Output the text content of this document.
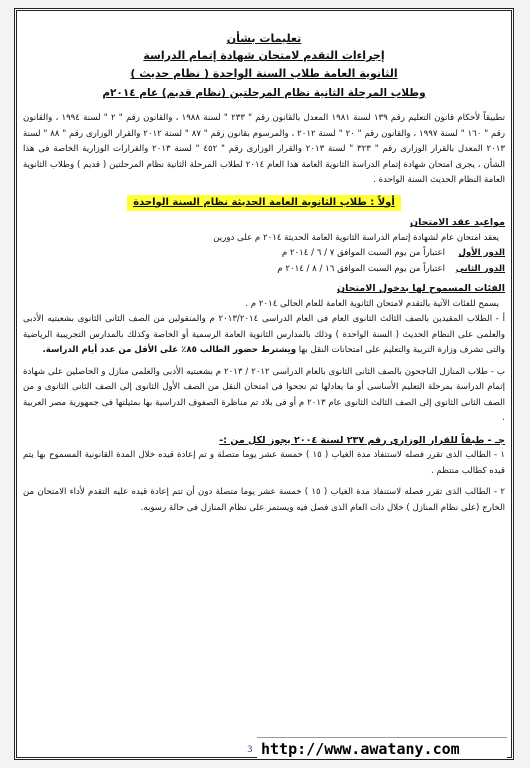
تعليمات بشأن
إجراءات التقدم لامتحان شهادة إتمام الدراسة
الثانوية العامة طلاب السنة الواحدة ( نظام حديث )
وطلاب المرحلة الثانية نظام المرحلتين (نظام قديم) عام ٢٠١٤م

تطبيقاً لأحكام قانون التعليم رقم ١٣٩ لسنة ١٩٨١ المعدل بالقانون رقم " ٢٣٣ " لسنة ١٩٨٨ ، والقانون رقم " ٢ " لسنة ١٩٩٤ ، والقانون رقم " ١٦٠ " لسنة ١٩٩٧ ، والقانون رقم " ٢٠ " لسنة ٢٠١٢ ، والمرسوم بقانون رقم " ٨٧ " لسنة ٢٠١٢ والقرار الوزارى رقم " ٨٨ " لسنة ٢٠١٣ المعدل بالقرار الوزارى رقم " ٣٢٣ " لسنة ٢٠١٣ والقرار الوزارى رقم " ٤٥٢ " لسنة ٢٠١٣ والقرارات الوزارية الخاصة فى هذا الشأن ، يجرى امتحان شهادة إتمام الدراسة الثانوية العامة هذا العام ٢٠١٤ لطلاب المرحلة الثانية نظام المرحلتين ( قديم ) وطلاب الثانوية العامة النظام الحديث السنة الواحدة .

أولاً : طلاب الثانوية العامة الحديثة نظام السنة الواحدة
مواعيد عقد الامتحان

يعقد امتحان عام لشهادة إتمام الدراسة الثانوية العامة الحديثة ٢٠١٤ م على دورين

الدور الأول
اعتباراً من يوم السبت الموافق ٧ / ٦ / ٢٠١٤ م
الدور الثانى
اعتباراً من يوم السبت الموافق ١٦ / ٨ / ٢٠١٤ م
الفئات المسموح لها بدخول الامتحان

يسمح للفئات الآتية بالتقدم لامتحان الثانوية العامة للعام الحالى ٢٠١٤ م .

أ - الطلاب المقيدين بالصف الثالث الثانوى العام فى العام الدراسى ٢٠١٣/٢٠١٤ م والمنقولين من الصف الثانى الثانوى بشعبتيه الأدبى والعلمى على النظام الحديث ( السنة الواحدة ) وذلك بالمدارس الثانوية العامة الرسمية أو الخاصة وكذلك بالمدارس التجريبية الرياضية والتى تشرف وزارة التربية والتعليم على امتحانات النقل بها ويشترط حضور الطالب ٨٥٪ على الأقل من عدد أيام الدراسة.

ب - طلاب المنازل الناجحون بالصف الثانى الثانوى بالعام الدراسى ٢٠١٢ / ٢٠١٣ م بشعبتيه الأدبى والعلمى منازل و الحاصلين على شهادة إتمام الدراسة بمرحلة التعليم الأساسى أو ما يعادلها ثم نجحوا فى امتحان النقل من الصف الأول الثانوى إلى الصف الثانى الثانوى و من الصف الثانى الثانوى إلى الصف الثالث الثانوى عام ٢٠١٣ م أو فى بلاد تم مناظرة الصفوف الدراسية بها بمثيلتها فى جمهورية مصر العربية .

جـ - طبقاً للقرار الوزارى رقم ٢٣٧ لسنة ٢٠٠٤ يجوز لكل من :-

١ - الطالب الذى تقرر فصله لاستنفاذ مدة الغياب ( ١٥ ) خمسة عشر يوما متصلة و تم إعادة قيده خلال المدة القانونية المسموح بها يتم قيده كطالب منتظم .

٢ - الطالب الذى تقرر فصله لاستنفاذ مدة الغياب ( ١٥ ) خمسة عشر يوما متصلة دون أن تتم إعادة قيده عليه التقدم لأداء الامتحان من الخارج (على نظام المنازل ) خلال ذات العام الذى فصل فيه ويستمر على نظام المنازل فى حالة رسوبه.

3 http://www.awatany.com
